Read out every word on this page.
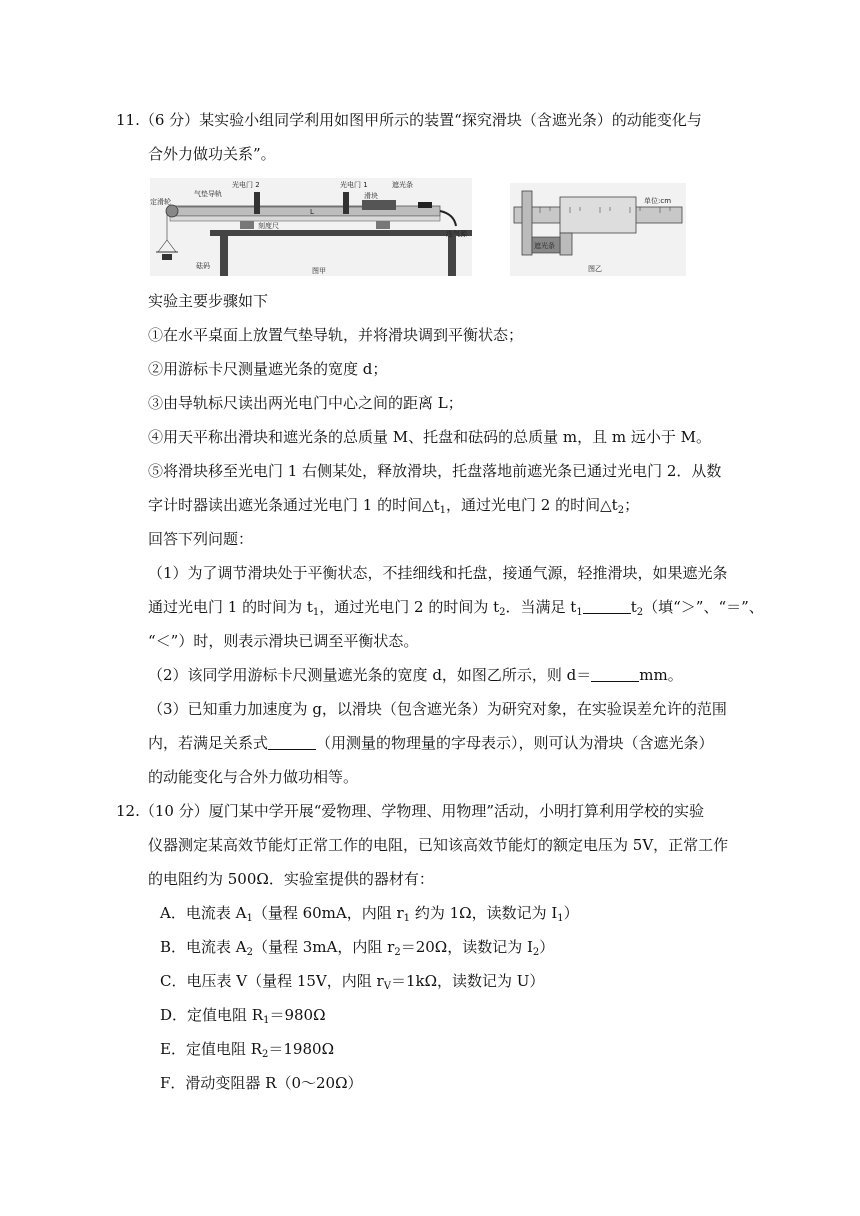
11.（6 分）某实验小组同学利用如图甲所示的装置“探究滑块（含遮光条）的动能变化与
合外力做功关系”。
光电门 2	光电门 1	遮光条
气垫导轨
定滑轮
滑块
L
刻度尺
连气源
砝码
图甲
单位:cm
遮光条
图乙
实验主要步骤如下
①在水平桌面上放置气垫导轨，并将滑块调到平衡状态；
②用游标卡尺测量遮光条的宽度 d；
③由导轨标尺读出两光电门中心之间的距离 L；
④用天平称出滑块和遮光条的总质量 M、托盘和砝码的总质量 m，且 m 远小于 M。
⑤将滑块移至光电门 1 右侧某处，释放滑块，托盘落地前遮光条已通过光电门 2．从数
字计时器读出遮光条通过光电门 1 的时间$\triangle t_1$，通过光电门 2 的时间$\triangle t_2$；
回答下列问题：
（1）为了调节滑块处于平衡状态，不挂细线和托盘，接通气源，轻推滑块，如果遮光条
通过光电门 1 的时间为 $t_1$，通过光电门 2 的时间为 $t_2$．当满足 $t_1$	$t_2$（填“＞”、“＝”、
“＜”）时，则表示滑块已调至平衡状态。
（2）该同学用游标卡尺测量遮光条的宽度 d，如图乙所示，则 d＝	mm。
（3）已知重力加速度为 g，以滑块（包含遮光条）为研究对象，在实验误差允许的范围
内，若满足关系式	（用测量的物理量的字母表示），则可认为滑块（含遮光条）
的动能变化与合外力做功相等。
12.（10 分）厦门某中学开展“爱物理、学物理、用物理”活动，小明打算利用学校的实验
仪器测定某高效节能灯正常工作的电阻，已知该高效节能灯的额定电压为 5V，正常工作
的电阻约为 500Ω．实验室提供的器材有：
A．电流表 $A_1$（量程 60mA，内阻 $r_1$ 约为 1Ω，读数记为 $I_1$）
B．电流表 $A_2$（量程 3mA，内阻 $r_2=20\Omega$，读数记为 $I_2$）
C．电压表 V（量程 15V，内阻 $r_V=1k\Omega$，读数记为 U）
D．定值电阻 $R_1=980\Omega$
E．定值电阻 $R_2=1980\Omega$
F．滑动变阻器 R（0～20Ω）
